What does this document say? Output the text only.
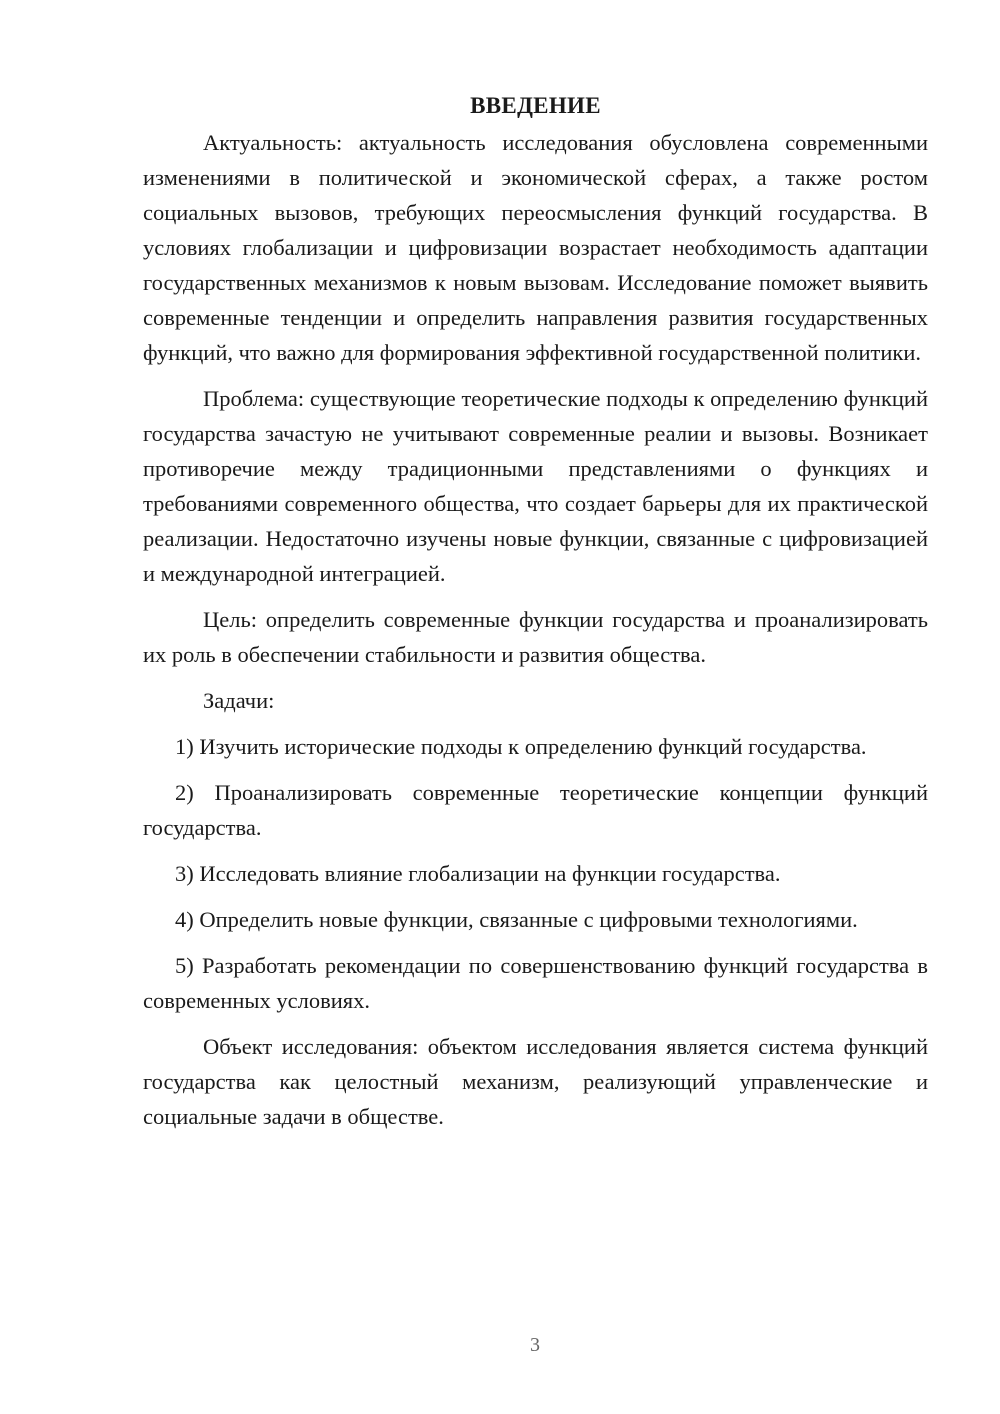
ВВЕДЕНИЕ

Актуальность: актуальность исследования обусловлена современными изменениями в политической и экономической сферах, а также ростом социальных вызовов, требующих переосмысления функций государства. В условиях глобализации и цифровизации возрастает необходимость адаптации государственных механизмов к новым вызовам. Исследование поможет выявить современные тенденции и определить направления развития государственных функций, что важно для формирования эффективной государственной политики.

Проблема: существующие теоретические подходы к определению функций государства зачастую не учитывают современные реалии и вызовы. Возникает противоречие между традиционными представлениями о функциях и требованиями современного общества, что создает барьеры для их практической реализации. Недостаточно изучены новые функции, связанные с цифровизацией и международной интеграцией.

Цель: определить современные функции государства и проанализировать их роль в обеспечении стабильности и развития общества.

Задачи:

1) Изучить исторические подходы к определению функций государства.

2) Проанализировать современные теоретические концепции функций государства.

3) Исследовать влияние глобализации на функции государства.

4) Определить новые функции, связанные с цифровыми технологиями.

5) Разработать рекомендации по совершенствованию функций государства в современных условиях.

Объект исследования: объектом исследования является система функций государства как целостный механизм, реализующий управленческие и социальные задачи в обществе.

3
